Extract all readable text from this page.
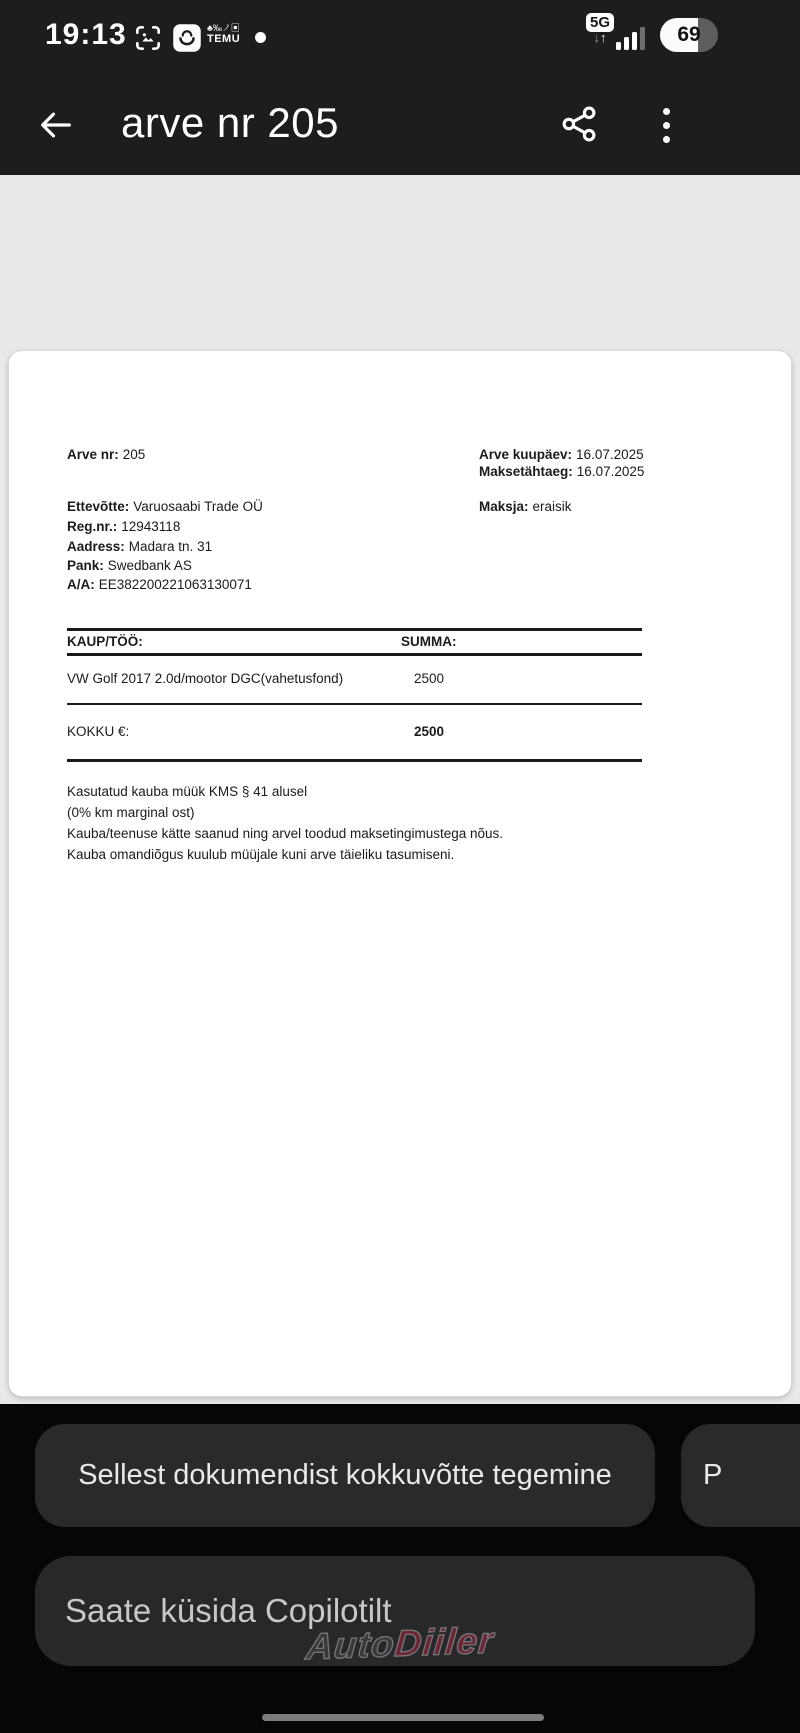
19:13	♣‰ノ▣
TEMU
5G
↓↑	69
arve nr 205
Arve nr: 205	Arve kuupäev: 16.07.2025
Maksetähtaeg: 16.07.2025
Ettevõtte: Varuosaabi Trade OÜ	Maksja: eraisik
Reg.nr.: 12943118
Aadress: Madara tn. 31
Pank: Swedbank AS
A/A: EE382200221063130071
KAUP/TÖÖ:	SUMMA:
VW Golf 2017 2.0d/mootor DGC(vahetusfond)	2500
KOKKU €:	2500
Kasutatud kauba müük KMS § 41 alusel
(0% km marginal ost)
Kauba/teenuse kätte saanud ning arvel toodud maksetingimustega nõus.
Kauba omandiõgus kuulub müüjale kuni arve täieliku tasumiseni.
Sellest dokumendist kokkuvõtte tegemine	P
Saate küsida Copilotilt
AutoDiiler
